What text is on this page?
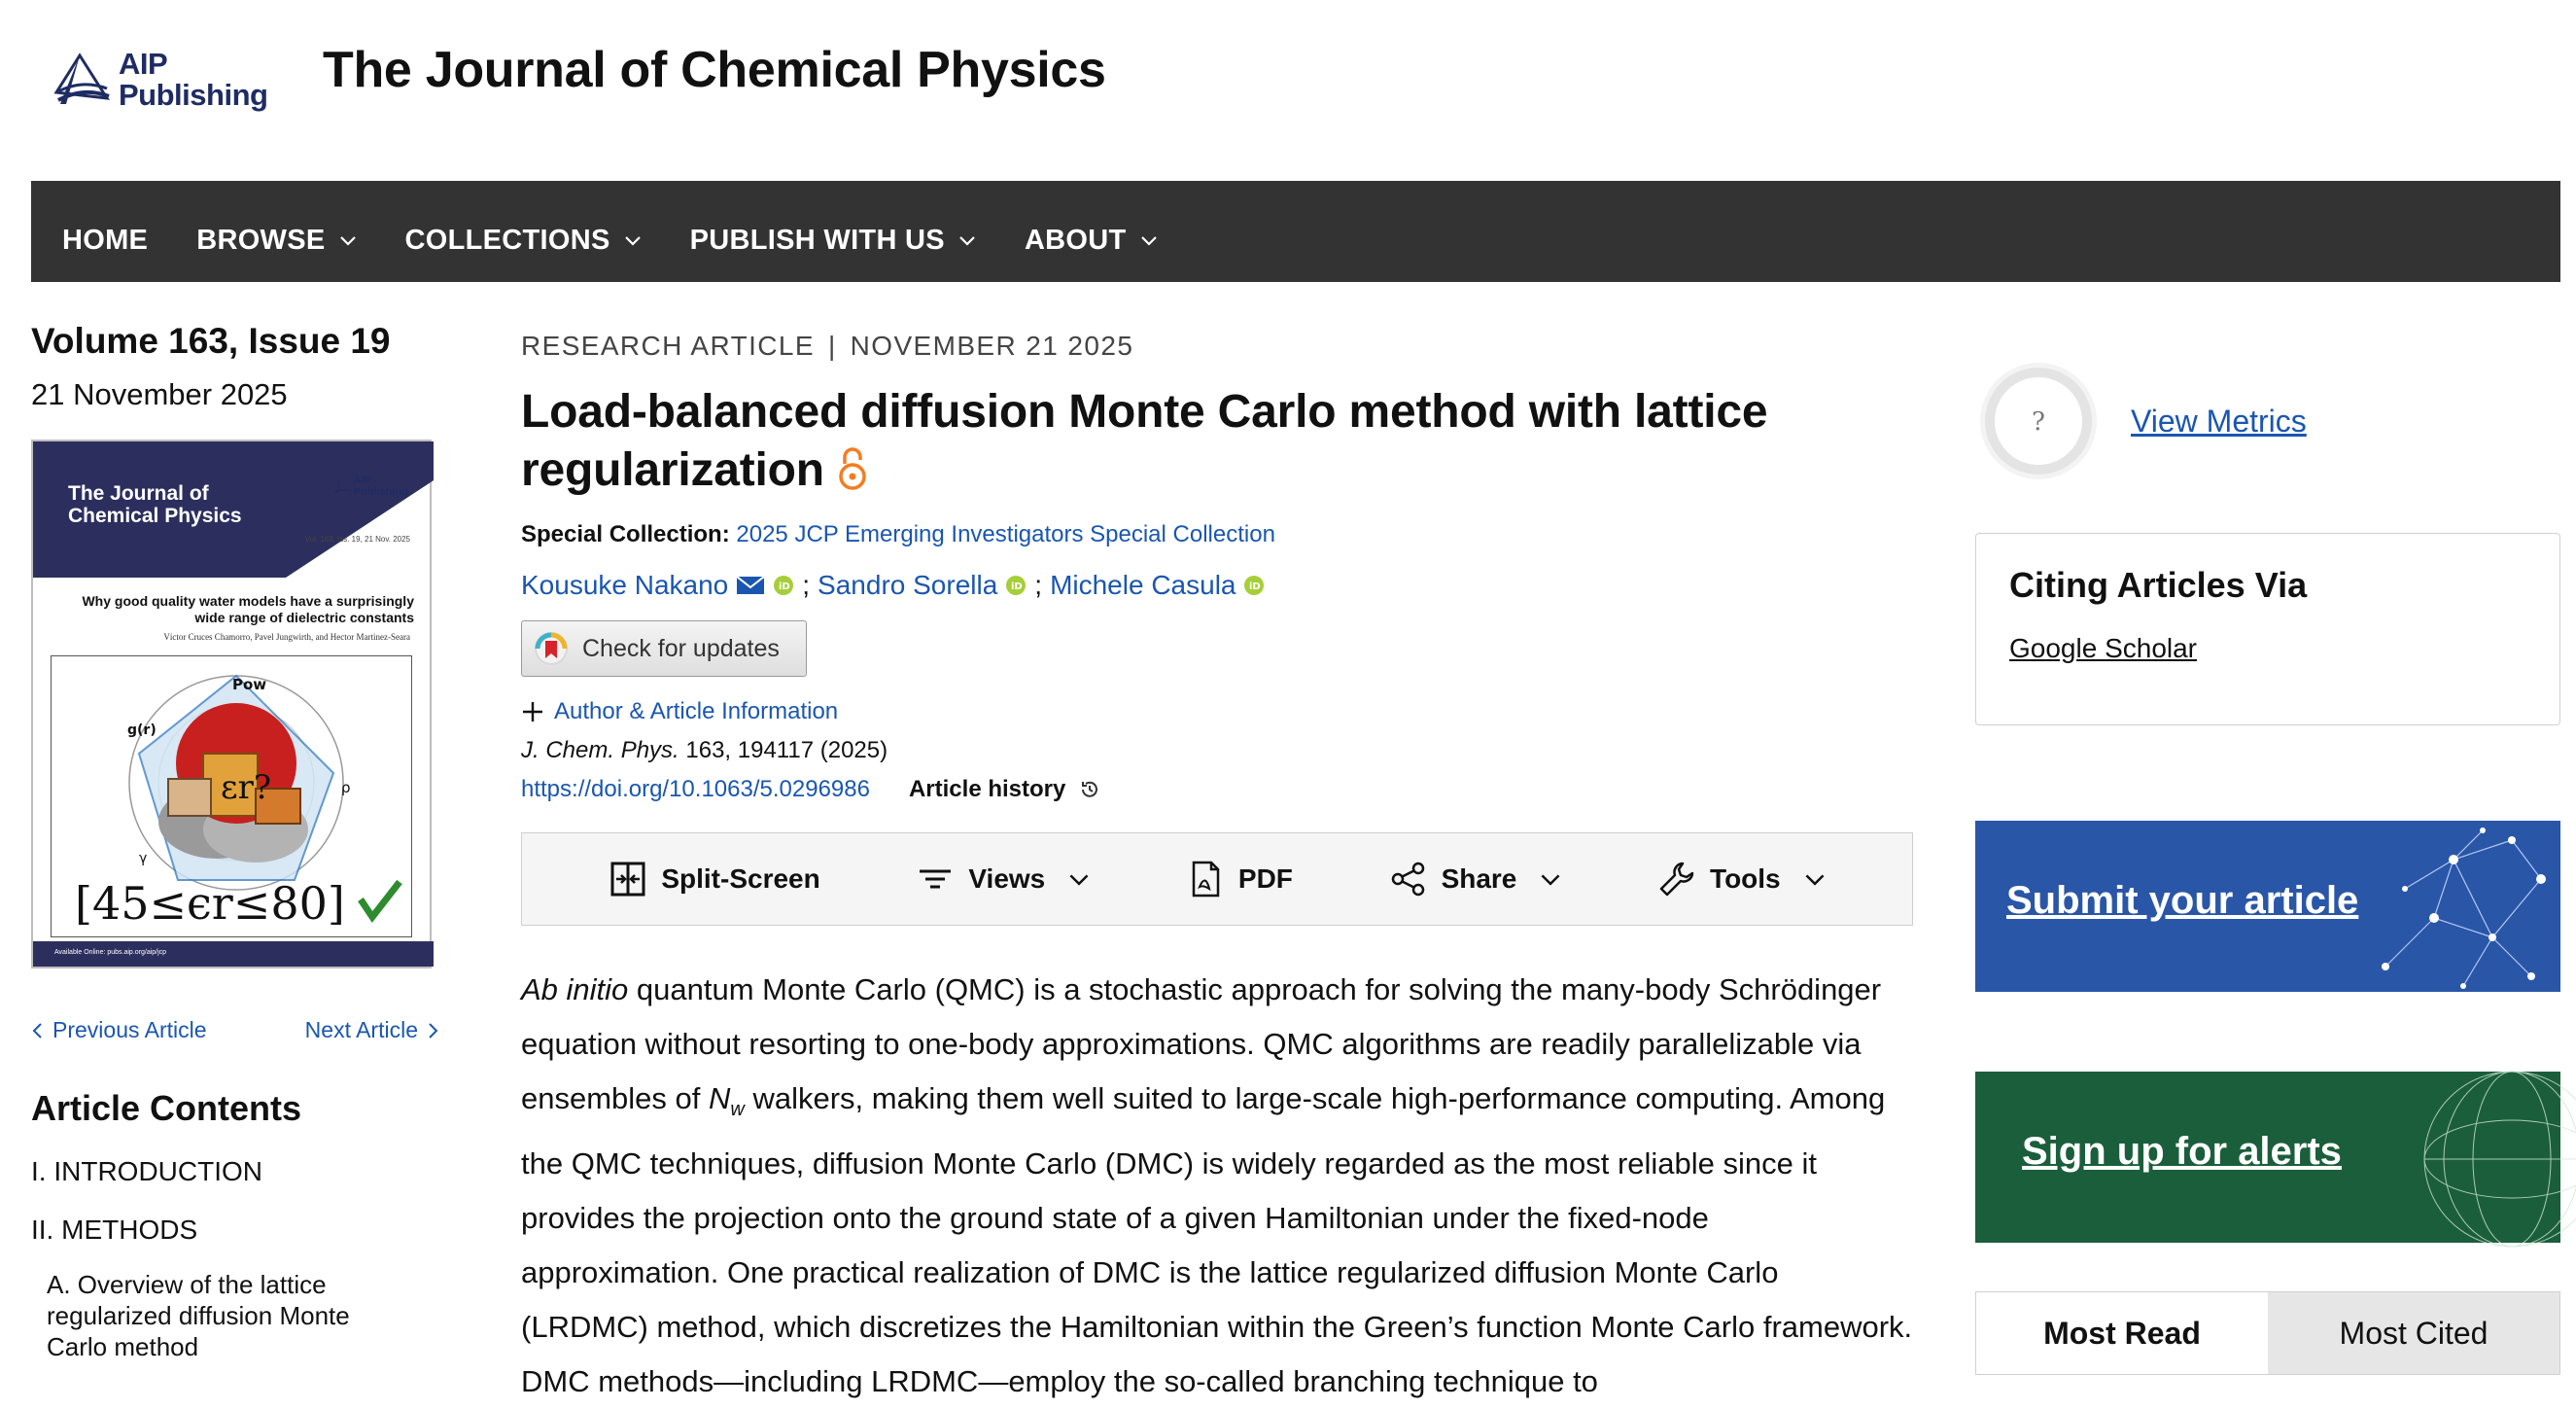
AIP
Publishing The Journal of Chemical Physics
HOME BROWSE	COLLECTIONS	PUBLISH WITH US	ABOUT
Volume 163, Issue 19
21 November 2025
The Journal of Chemical Physics
AIP
Publishing
Vol. 163, Iss. 19, 21 Nov. 2025
Why good quality water models have a surprisingly wide range of dielectric constants
Víctor Cruces Chamorro, Pavel Jungwirth, and Hector Martinez-Seara
εr?
Pow
g(r)
ρ
γ
[45≤ϵr≤80]
Available Online: pubs.aip.org/aip/jcp
Previous Article	Next Article
Article Contents
I. INTRODUCTION
II. METHODS
A. Overview of the lattice regularized diffusion Monte Carlo method
RESEARCH ARTICLE | NOVEMBER 21 2025
Load-balanced diffusion Monte Carlo method with lattice regularization
Special Collection: 2025 JCP Emerging Investigators Special Collection
Kousuke Nakano	iD ; Sandro Sorella iD ; Michele Casula iD
Check for updates
Author & Article Information
J. Chem. Phys. 163, 194117 (2025)
https://doi.org/10.1063/5.0296986 Article history
Split-Screen	Views	PDF	Share	Tools
Ab initio quantum Monte Carlo (QMC) is a stochastic approach for solving the many-body Schrödinger equation without resorting to one-body approximations. QMC algorithms are readily parallelizable via ensembles of $N_w$ walkers, making them well suited to large-scale high-performance computing. Among the QMC techniques, diffusion Monte Carlo (DMC) is widely regarded as the most reliable since it provides the projection onto the ground state of a given Hamiltonian under the fixed-node approximation. One practical realization of DMC is the lattice regularized diffusion Monte Carlo (LRDMC) method, which discretizes the Hamiltonian within the Green’s function Monte Carlo framework. DMC methods—including LRDMC—employ the so-called branching technique to
?	View Metrics
Citing Articles Via
Google Scholar
Submit your article
Sign up for alerts
Most Read	Most Cited
